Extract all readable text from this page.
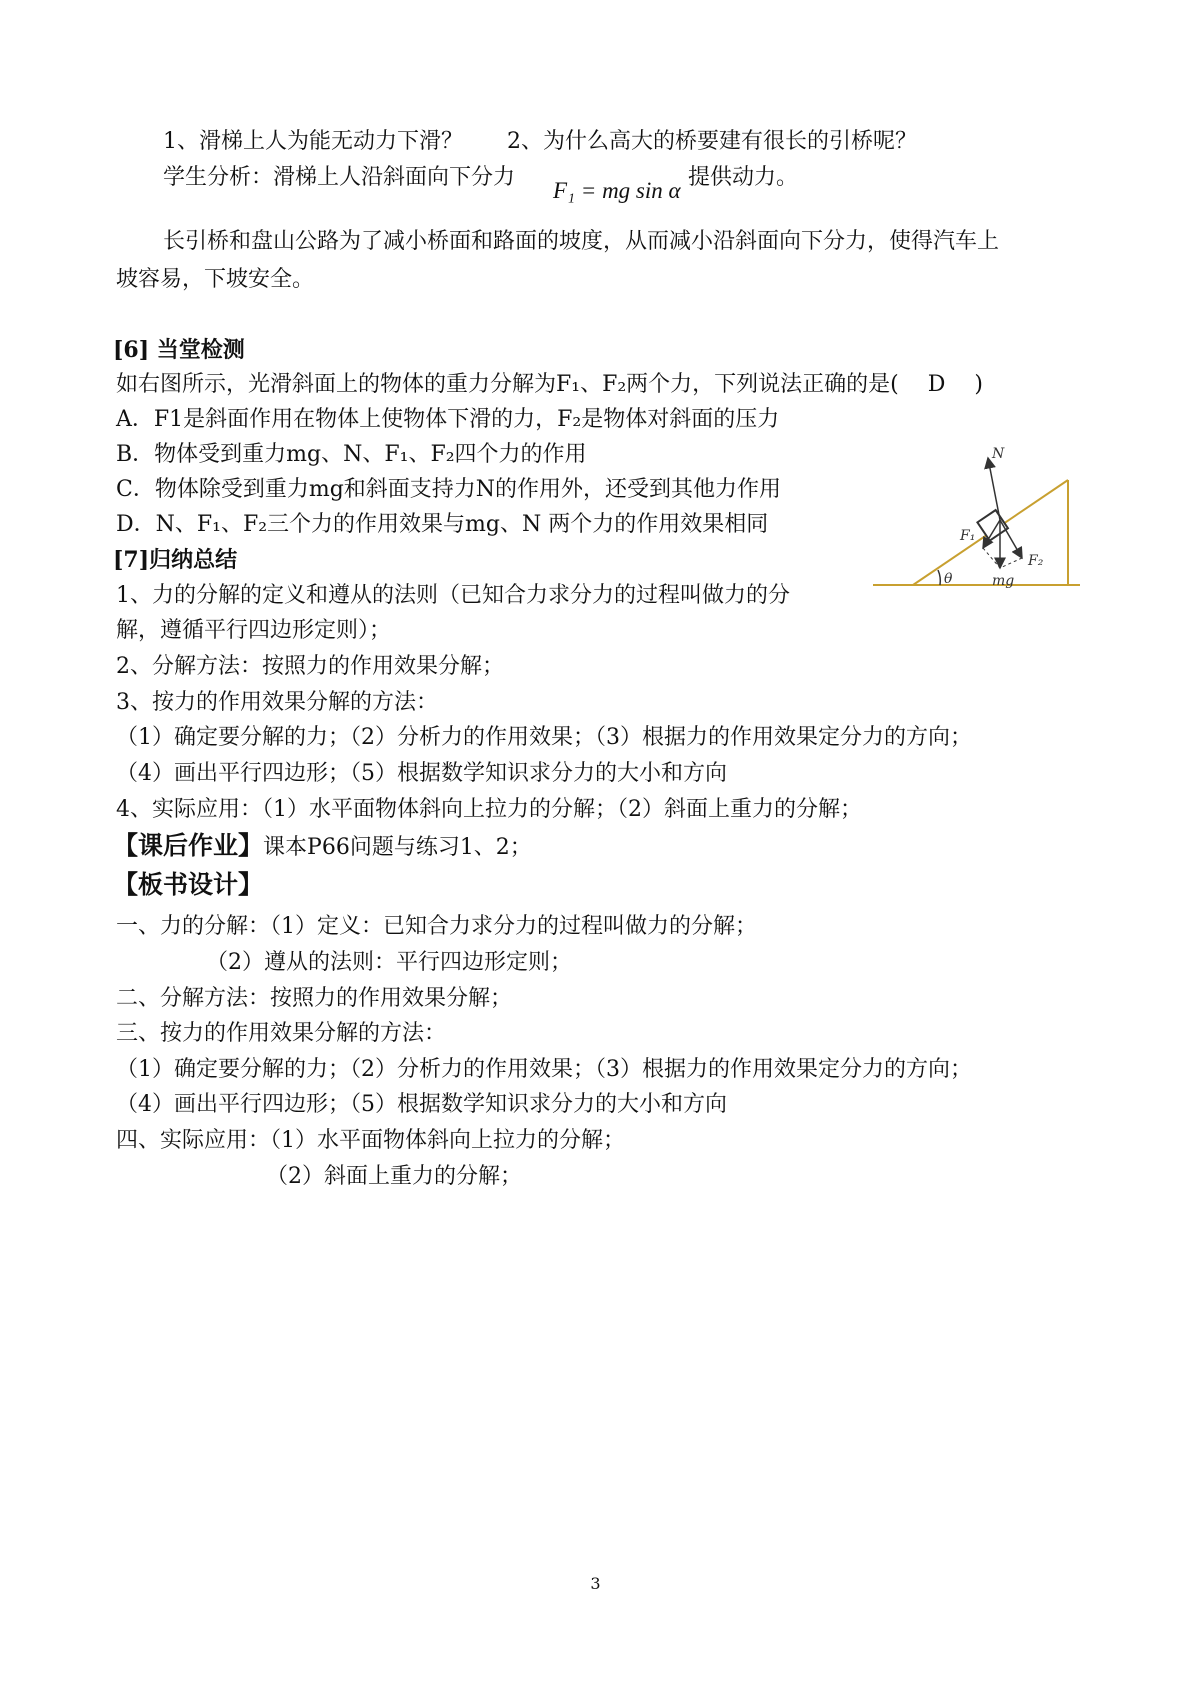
1、滑梯上人为能无动力下滑？　　2、为什么高大的桥要建有很长的引桥呢？
学生分析：滑梯上人沿斜面向下分力
F₁ = mg sin α
提供动力。
长引桥和盘山公路为了减小桥面和路面的坡度，从而减小沿斜面向下分力，使得汽车上
坡容易，下坡安全。
[6] 当堂检测
如右图所示，光滑斜面上的物体的重力分解为F₁、F₂两个力，下列说法正确的是(　 D 　)
A．F1是斜面作用在物体上使物体下滑的力，F₂是物体对斜面的压力
B．物体受到重力mg、N、F₁、F₂四个力的作用
C．物体除受到重力mg和斜面支持力N的作用外，还受到其他力作用
D．N、F₁、F₂三个力的作用效果与mg、N 两个力的作用效果相同
N
F₁
F₂
mg
θ
[7]归纳总结
1、力的分解的定义和遵从的法则（已知合力求分力的过程叫做力的分
解，遵循平行四边形定则）；
2、分解方法：按照力的作用效果分解；
3、按力的作用效果分解的方法：
（1）确定要分解的力；（2）分析力的作用效果；（3）根据力的作用效果定分力的方向；
（4）画出平行四边形；（5）根据数学知识求分力的大小和方向
4、实际应用：（1）水平面物体斜向上拉力的分解；（2）斜面上重力的分解；
【课后作业】课本P66问题与练习1、2；
【板书设计】
一、力的分解：（1）定义：已知合力求分力的过程叫做力的分解；
（2）遵从的法则：平行四边形定则；
二、分解方法：按照力的作用效果分解；
三、按力的作用效果分解的方法：
（1）确定要分解的力；（2）分析力的作用效果；（3）根据力的作用效果定分力的方向；
（4）画出平行四边形；（5）根据数学知识求分力的大小和方向
四、实际应用：（1）水平面物体斜向上拉力的分解；
（2）斜面上重力的分解；
3
